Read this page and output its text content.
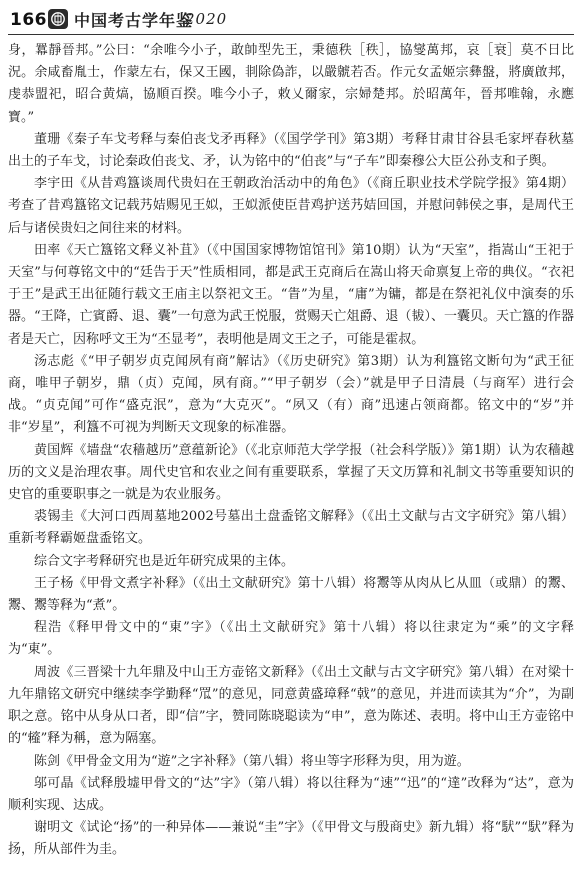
166 中国考古学年鉴
2020

身，羃靜晉邦。”公曰：“余唯今小子，敢帥型先王，秉德秩［秩］，協燮萬邦，哀［衰］莫不日比況。余咸畜胤士，作蒙左右，保又王國，剕除偽詐，以嚴虩若否。作元女孟姬宗彝盤，將廣啟邦，虔恭盟祀，昭合黄熇，協順百揆。唯今小子，敕乂爾家，宗婦楚邦。於昭萬年，晉邦唯翰，永應寶。”

董珊《秦子车戈考释与秦伯丧戈矛再释》（《国学学刊》第3期）考释甘肃甘谷县毛家坪春秋墓出土的子车戈，讨论秦政伯丧戈、矛，认为铭中的“伯丧”与“子车”即秦穆公大臣公孙支和子舆。

李宇田《从昔鸡簋谈周代贵妇在王朝政治活动中的角色》（《商丘职业技术学院学报》第4期）考查了昔鸡簋铭文记载艿姞赐见王姒，王姒派使臣昔鸡护送艿姞回国，并慰问韩侯之事，是周代王后与诸侯贵妇之间往来的材料。

田率《天亡簋铭文释义补苴》（《中国国家博物馆馆刊》第10期）认为“天室”，指嵩山“王祀于天室”与何尊铭文中的“廷告于天”性质相同，都是武王克商后在嵩山将天命禀复上帝的典仪。“衣祀于王”是武王出征随行载文王庙主以祭祀文王。“眚”为星，“庸”为镛，都是在祭祀礼仪中演奏的乐器。“王降，亡賓爵、退、囊”一句意为武王悦服，赏赐天亡俎爵、退（韨）、一囊贝。天亡簋的作器者是天亡，因称呼文王为“丕显考”，表明他是周文王之子，可能是霍叔。

汤志彪《“甲子朝岁贞克闻夙有商”解诂》（《历史研究》第3期）认为利簋铭文断句为“武王征商，唯甲子朝岁，鼎（贞）克闻，夙有商。”“甲子朝岁（会）”就是甲子日清晨（与商军）进行会战。“贞克闻”可作“盛克泯”，意为“大克灭”。“夙又（有）商”迅速占领商都。铭文中的“岁”并非“岁星”，利簋不可视为判断天文现象的标准器。

黄国辉《墙盘“农穑越历”意蕴新论》（《北京师范大学学报（社会科学版）》第1期）认为农穑越历的文义是治理农事。周代史官和农业之间有重要联系，掌握了天文历算和礼制文书等重要知识的史官的重要职事之一就是为农业服务。

裘锡圭《大河口西周墓地2002号墓出土盘盉铭文解释》（《出土文献与古文字研究》第八辑）重新考释霸姬盘盉铭文。

综合文字考释研究也是近年研究成果的主体。

王子杨《甲骨文煮字补释》（《出土文献研究》第十八辑）将䰞等从肉从匕从皿（或鼎）的䰞、䰞、䰞等释为“煮”。

程浩《释甲骨文中的“東”字》（《出土文献研究》第十八辑）将以往隶定为“乘”的文字释为“東”。

周波《三晋梁十九年鼎及中山王方壶铭文新释》（《出土文献与古文字研究》第八辑）在对梁十九年鼎铭文研究中继续李学勤释“罛”的意见，同意黄盛璋释“戟”的意见，并进而读其为“介”，为副职之意。铭中从身从口者，即“信”字，赞同陈晓聪读为“申”，意为陈述、表明。将中山王方壶铭中的“䪢”释为稱，意为隔塞。

陈剑《甲骨金文用为“遊”之字补释》（第八辑）将㞢等字形释为臾，用为遊。

邬可晶《试释殷墟甲骨文的“达”字》（第八辑）将以往释为“速”“迅”的“達”改释为“达”，意为顺利实现、达成。

谢明文《试论“扬”的一种异体——兼说“圭”字》（《甲骨文与殷商史》新九辑）将“䭾”“䭾”释为扬，所从部件为圭。
